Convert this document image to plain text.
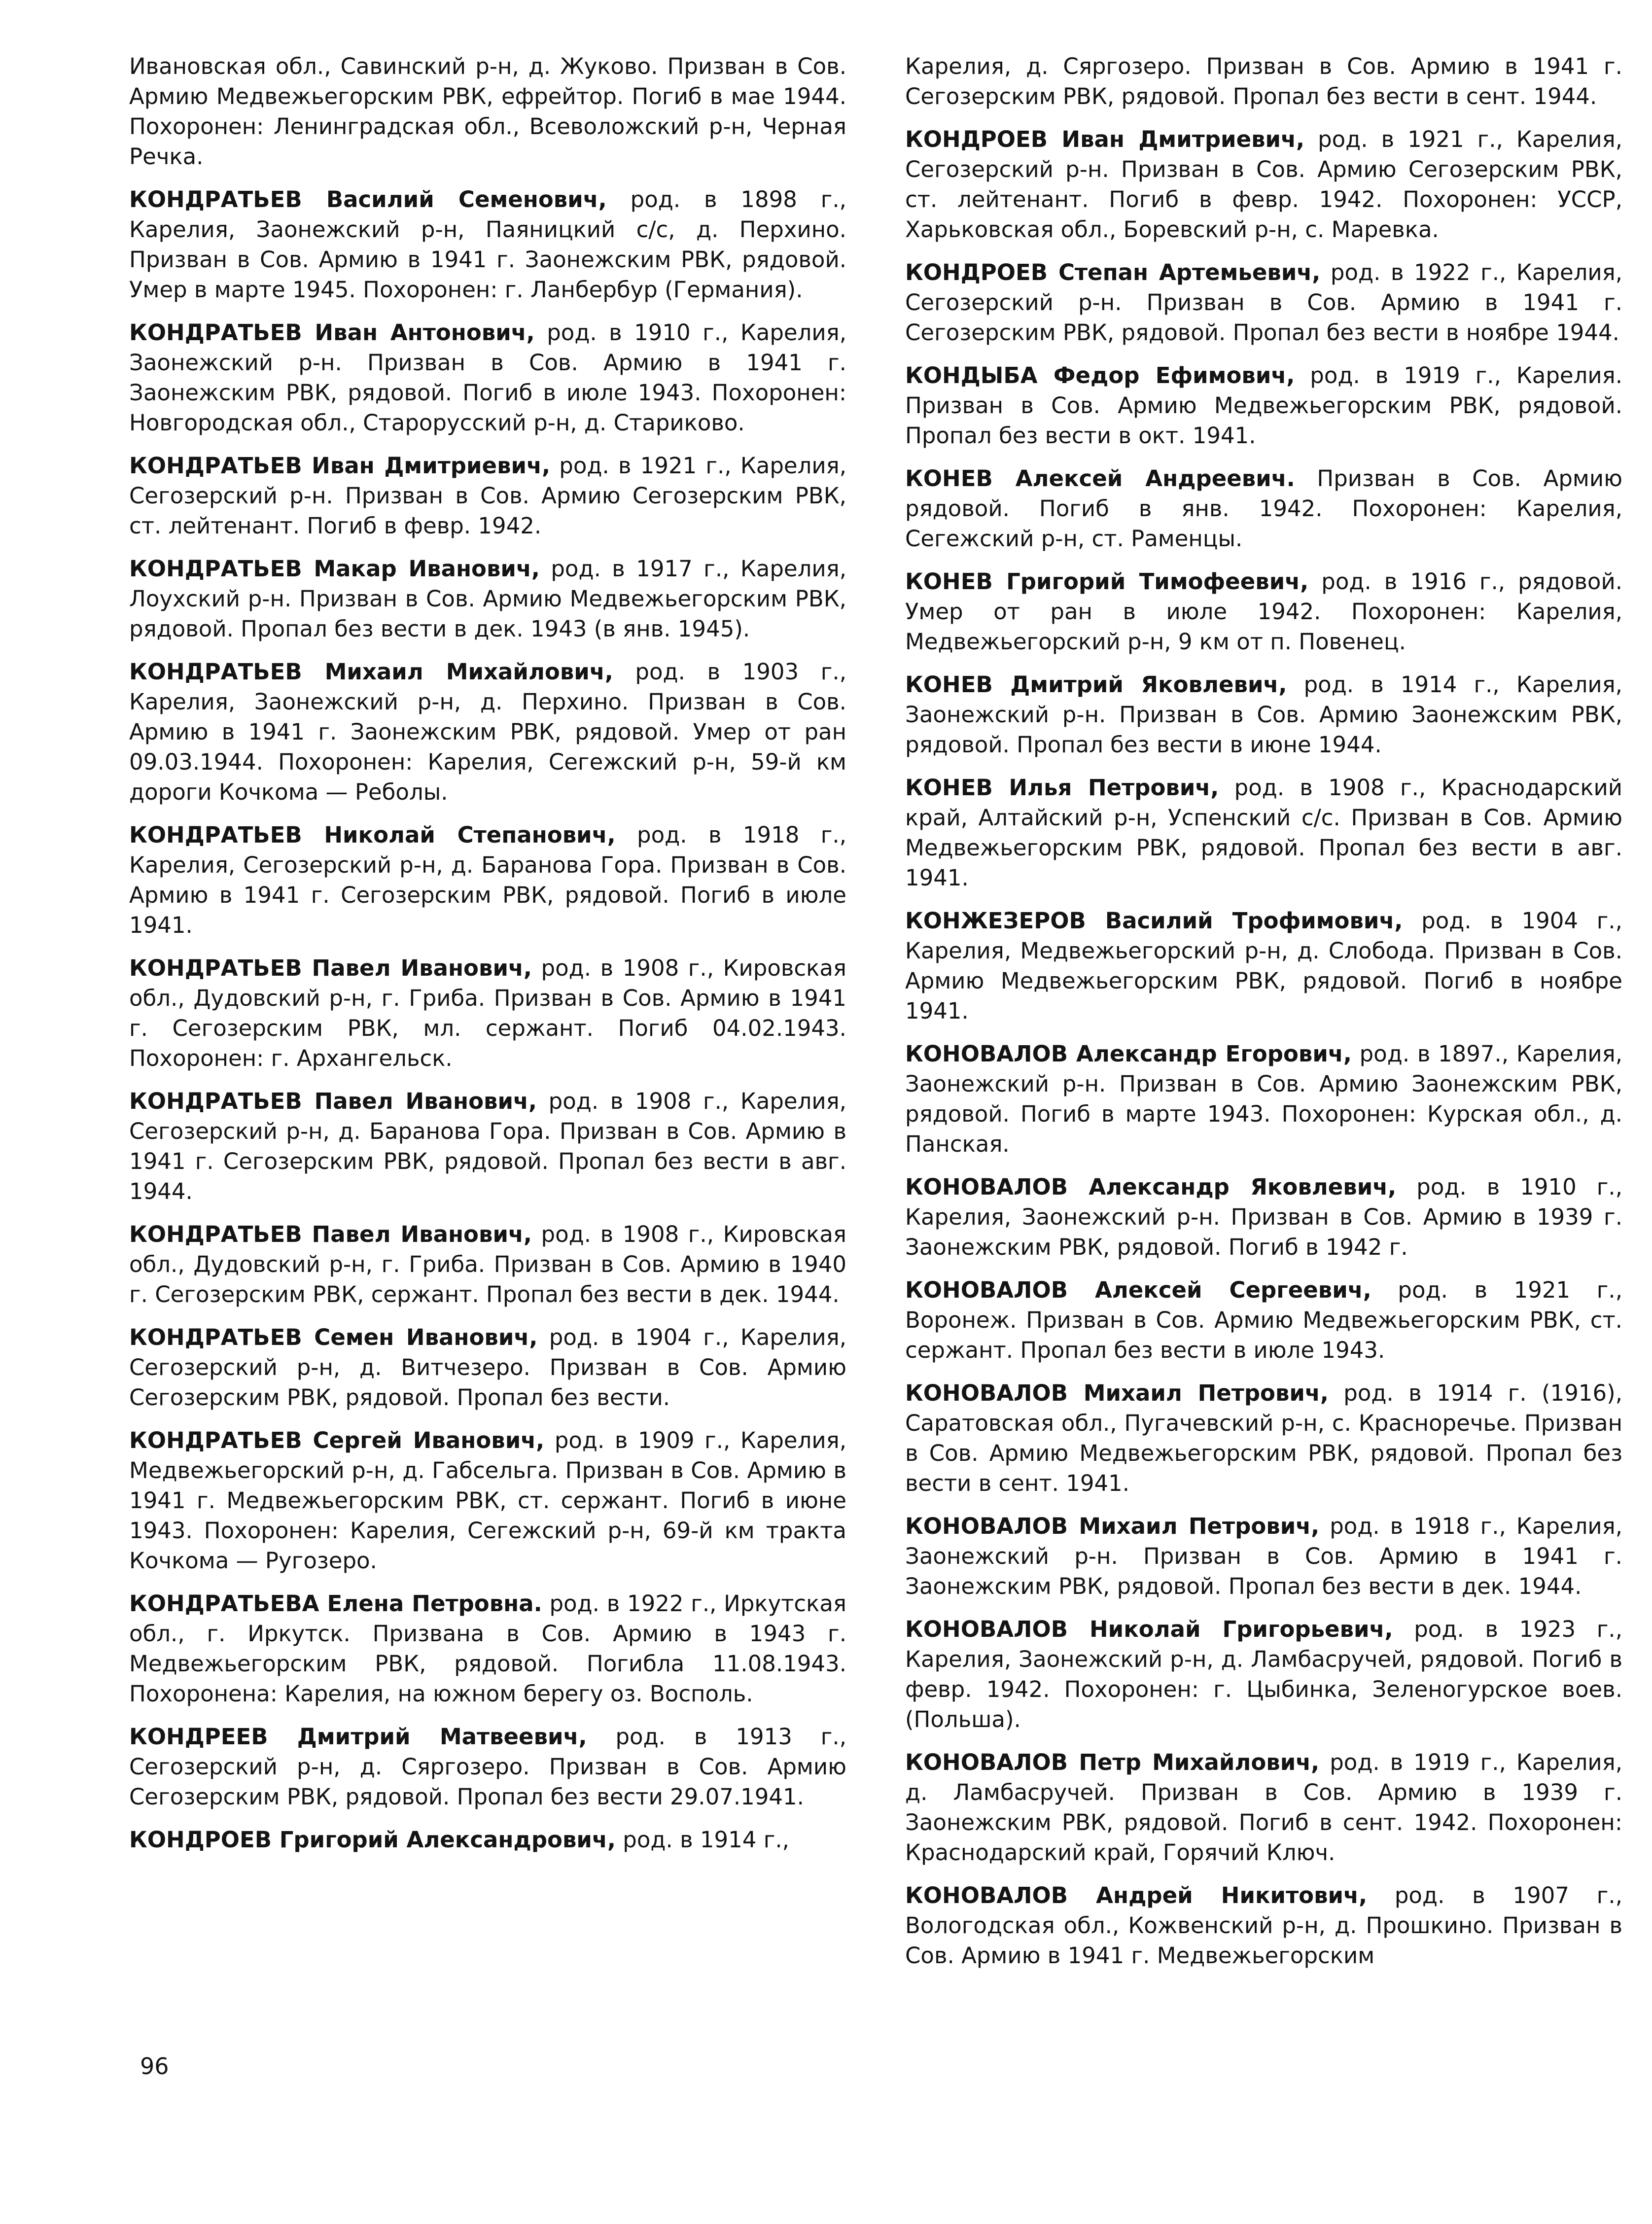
Ивановская обл., Савинский р-н, д. Жуково. Призван в Сов. Армию Медвежьегорским РВК, ефрейтор. Погиб в мае 1944. Похоронен: Ленинградская обл., Всеволожский р-н, Черная Речка.

КОНДРАТЬЕВ Василий Семенович, род. в 1898 г., Карелия, Заонежский р-н, Паяницкий с/с, д. Перхино. Призван в Сов. Армию в 1941 г. Заонежским РВК, рядовой. Умер в марте 1945. Похоронен: г. Ланбербур (Германия).

КОНДРАТЬЕВ Иван Антонович, род. в 1910 г., Карелия, Заонежский р-н. Призван в Сов. Армию в 1941 г. Заонежским РВК, рядовой. Погиб в июле 1943. Похоронен: Новгородская обл., Старорусский р-н, д. Стариково.

КОНДРАТЬЕВ Иван Дмитриевич, род. в 1921 г., Карелия, Сегозерский р-н. Призван в Сов. Армию Сегозерским РВК, ст. лейтенант. Погиб в февр. 1942.

КОНДРАТЬЕВ Макар Иванович, род. в 1917 г., Карелия, Лоухский р-н. Призван в Сов. Армию Медвежьегорским РВК, рядовой. Пропал без вести в дек. 1943 (в янв. 1945).

КОНДРАТЬЕВ Михаил Михайлович, род. в 1903 г., Карелия, Заонежский р-н, д. Перхино. Призван в Сов. Армию в 1941 г. Заонежским РВК, рядовой. Умер от ран 09.03.1944. Похоронен: Карелия, Сегежский р-н, 59-й км дороги Кочкома — Реболы.

КОНДРАТЬЕВ Николай Степанович, род. в 1918 г., Карелия, Сегозерский р-н, д. Баранова Гора. Призван в Сов. Армию в 1941 г. Сегозерским РВК, рядовой. Погиб в июле 1941.

КОНДРАТЬЕВ Павел Иванович, род. в 1908 г., Кировская обл., Дудовский р-н, г. Гриба. Призван в Сов. Армию в 1941 г. Сегозерским РВК, мл. сержант. Погиб 04.02.1943. Похоронен: г. Архангельск.

КОНДРАТЬЕВ Павел Иванович, род. в 1908 г., Карелия, Сегозерский р-н, д. Баранова Гора. Призван в Сов. Армию в 1941 г. Сегозерским РВК, рядовой. Пропал без вести в авг. 1944.

КОНДРАТЬЕВ Павел Иванович, род. в 1908 г., Кировская обл., Дудовский р-н, г. Гриба. Призван в Сов. Армию в 1940 г. Сегозерским РВК, сержант. Пропал без вести в дек. 1944.

КОНДРАТЬЕВ Семен Иванович, род. в 1904 г., Карелия, Сегозерский р-н, д. Витчезеро. Призван в Сов. Армию Сегозерским РВК, рядовой. Пропал без вести.

КОНДРАТЬЕВ Сергей Иванович, род. в 1909 г., Карелия, Медвежьегорский р-н, д. Габсельга. Призван в Сов. Армию в 1941 г. Медвежьегорским РВК, ст. сержант. Погиб в июне 1943. Похоронен: Карелия, Сегежский р-н, 69-й км тракта Кочкома — Ругозеро.

КОНДРАТЬЕВА Елена Петровна. род. в 1922 г., Иркутская обл., г. Иркутск. Призвана в Сов. Армию в 1943 г. Медвежьегорским РВК, рядовой. Погибла 11.08.1943. Похоронена: Карелия, на южном берегу оз. Восполь.

КОНДРЕЕВ Дмитрий Матвеевич, род. в 1913 г., Сегозерский р-н, д. Сяргозеро. Призван в Сов. Армию Сегозерским РВК, рядовой. Пропал без вести 29.07.1941.

КОНДРОЕВ Григорий Александрович, род. в 1914 г.,

Карелия, д. Сяргозеро. Призван в Сов. Армию в 1941 г. Сегозерским РВК, рядовой. Пропал без вести в сент. 1944.

КОНДРОЕВ Иван Дмитриевич, род. в 1921 г., Карелия, Сегозерский р-н. Призван в Сов. Армию Сегозерским РВК, ст. лейтенант. Погиб в февр. 1942. Похоронен: УССР, Харьковская обл., Боревский р-н, с. Маревка.

КОНДРОЕВ Степан Артемьевич, род. в 1922 г., Карелия, Сегозерский р-н. Призван в Сов. Армию в 1941 г. Сегозерским РВК, рядовой. Пропал без вести в ноябре 1944.

КОНДЫБА Федор Ефимович, род. в 1919 г., Карелия. Призван в Сов. Армию Медвежьегорским РВК, рядовой. Пропал без вести в окт. 1941.

КОНЕВ Алексей Андреевич. Призван в Сов. Армию рядовой. Погиб в янв. 1942. Похоронен: Карелия, Сегежский р-н, ст. Раменцы.

КОНЕВ Григорий Тимофеевич, род. в 1916 г., рядовой. Умер от ран в июле 1942. Похоронен: Карелия, Медвежьегорский р-н, 9 км от п. Повенец.

КОНЕВ Дмитрий Яковлевич, род. в 1914 г., Карелия, Заонежский р-н. Призван в Сов. Армию Заонежским РВК, рядовой. Пропал без вести в июне 1944.

КОНЕВ Илья Петрович, род. в 1908 г., Краснодарский край, Алтайский р-н, Успенский с/с. Призван в Сов. Армию Медвежьегорским РВК, рядовой. Пропал без вести в авг. 1941.

КОНЖЕЗЕРОВ Василий Трофимович, род. в 1904 г., Карелия, Медвежьегорский р-н, д. Слобода. Призван в Сов. Армию Медвежьегорским РВК, рядовой. Погиб в ноябре 1941.

КОНОВАЛОВ Александр Егорович, род. в 1897., Карелия, Заонежский р-н. Призван в Сов. Армию Заонежским РВК, рядовой. Погиб в марте 1943. Похоронен: Курская обл., д. Панская.

КОНОВАЛОВ Александр Яковлевич, род. в 1910 г., Карелия, Заонежский р-н. Призван в Сов. Армию в 1939 г. Заонежским РВК, рядовой. Погиб в 1942 г.

КОНОВАЛОВ Алексей Сергеевич, род. в 1921 г., Воронеж. Призван в Сов. Армию Медвежьегорским РВК, ст. сержант. Пропал без вести в июле 1943.

КОНОВАЛОВ Михаил Петрович, род. в 1914 г. (1916), Саратовская обл., Пугачевский р-н, с. Красноречье. Призван в Сов. Армию Медвежьегорским РВК, рядовой. Пропал без вести в сент. 1941.

КОНОВАЛОВ Михаил Петрович, род. в 1918 г., Карелия, Заонежский р-н. Призван в Сов. Армию в 1941 г. Заонежским РВК, рядовой. Пропал без вести в дек. 1944.

КОНОВАЛОВ Николай Григорьевич, род. в 1923 г., Карелия, Заонежский р-н, д. Ламбасручей, рядовой. Погиб в февр. 1942. Похоронен: г. Цыбинка, Зеленогурское воев. (Польша).

КОНОВАЛОВ Петр Михайлович, род. в 1919 г., Карелия, д. Ламбасручей. Призван в Сов. Армию в 1939 г. Заонежским РВК, рядовой. Погиб в сент. 1942. Похоронен: Краснодарский край, Горячий Ключ.

КОНОВАЛОВ Андрей Никитович, род. в 1907 г., Вологодская обл., Кожвенский р-н, д. Прошкино. Призван в Сов. Армию в 1941 г. Медвежьегорским

96
